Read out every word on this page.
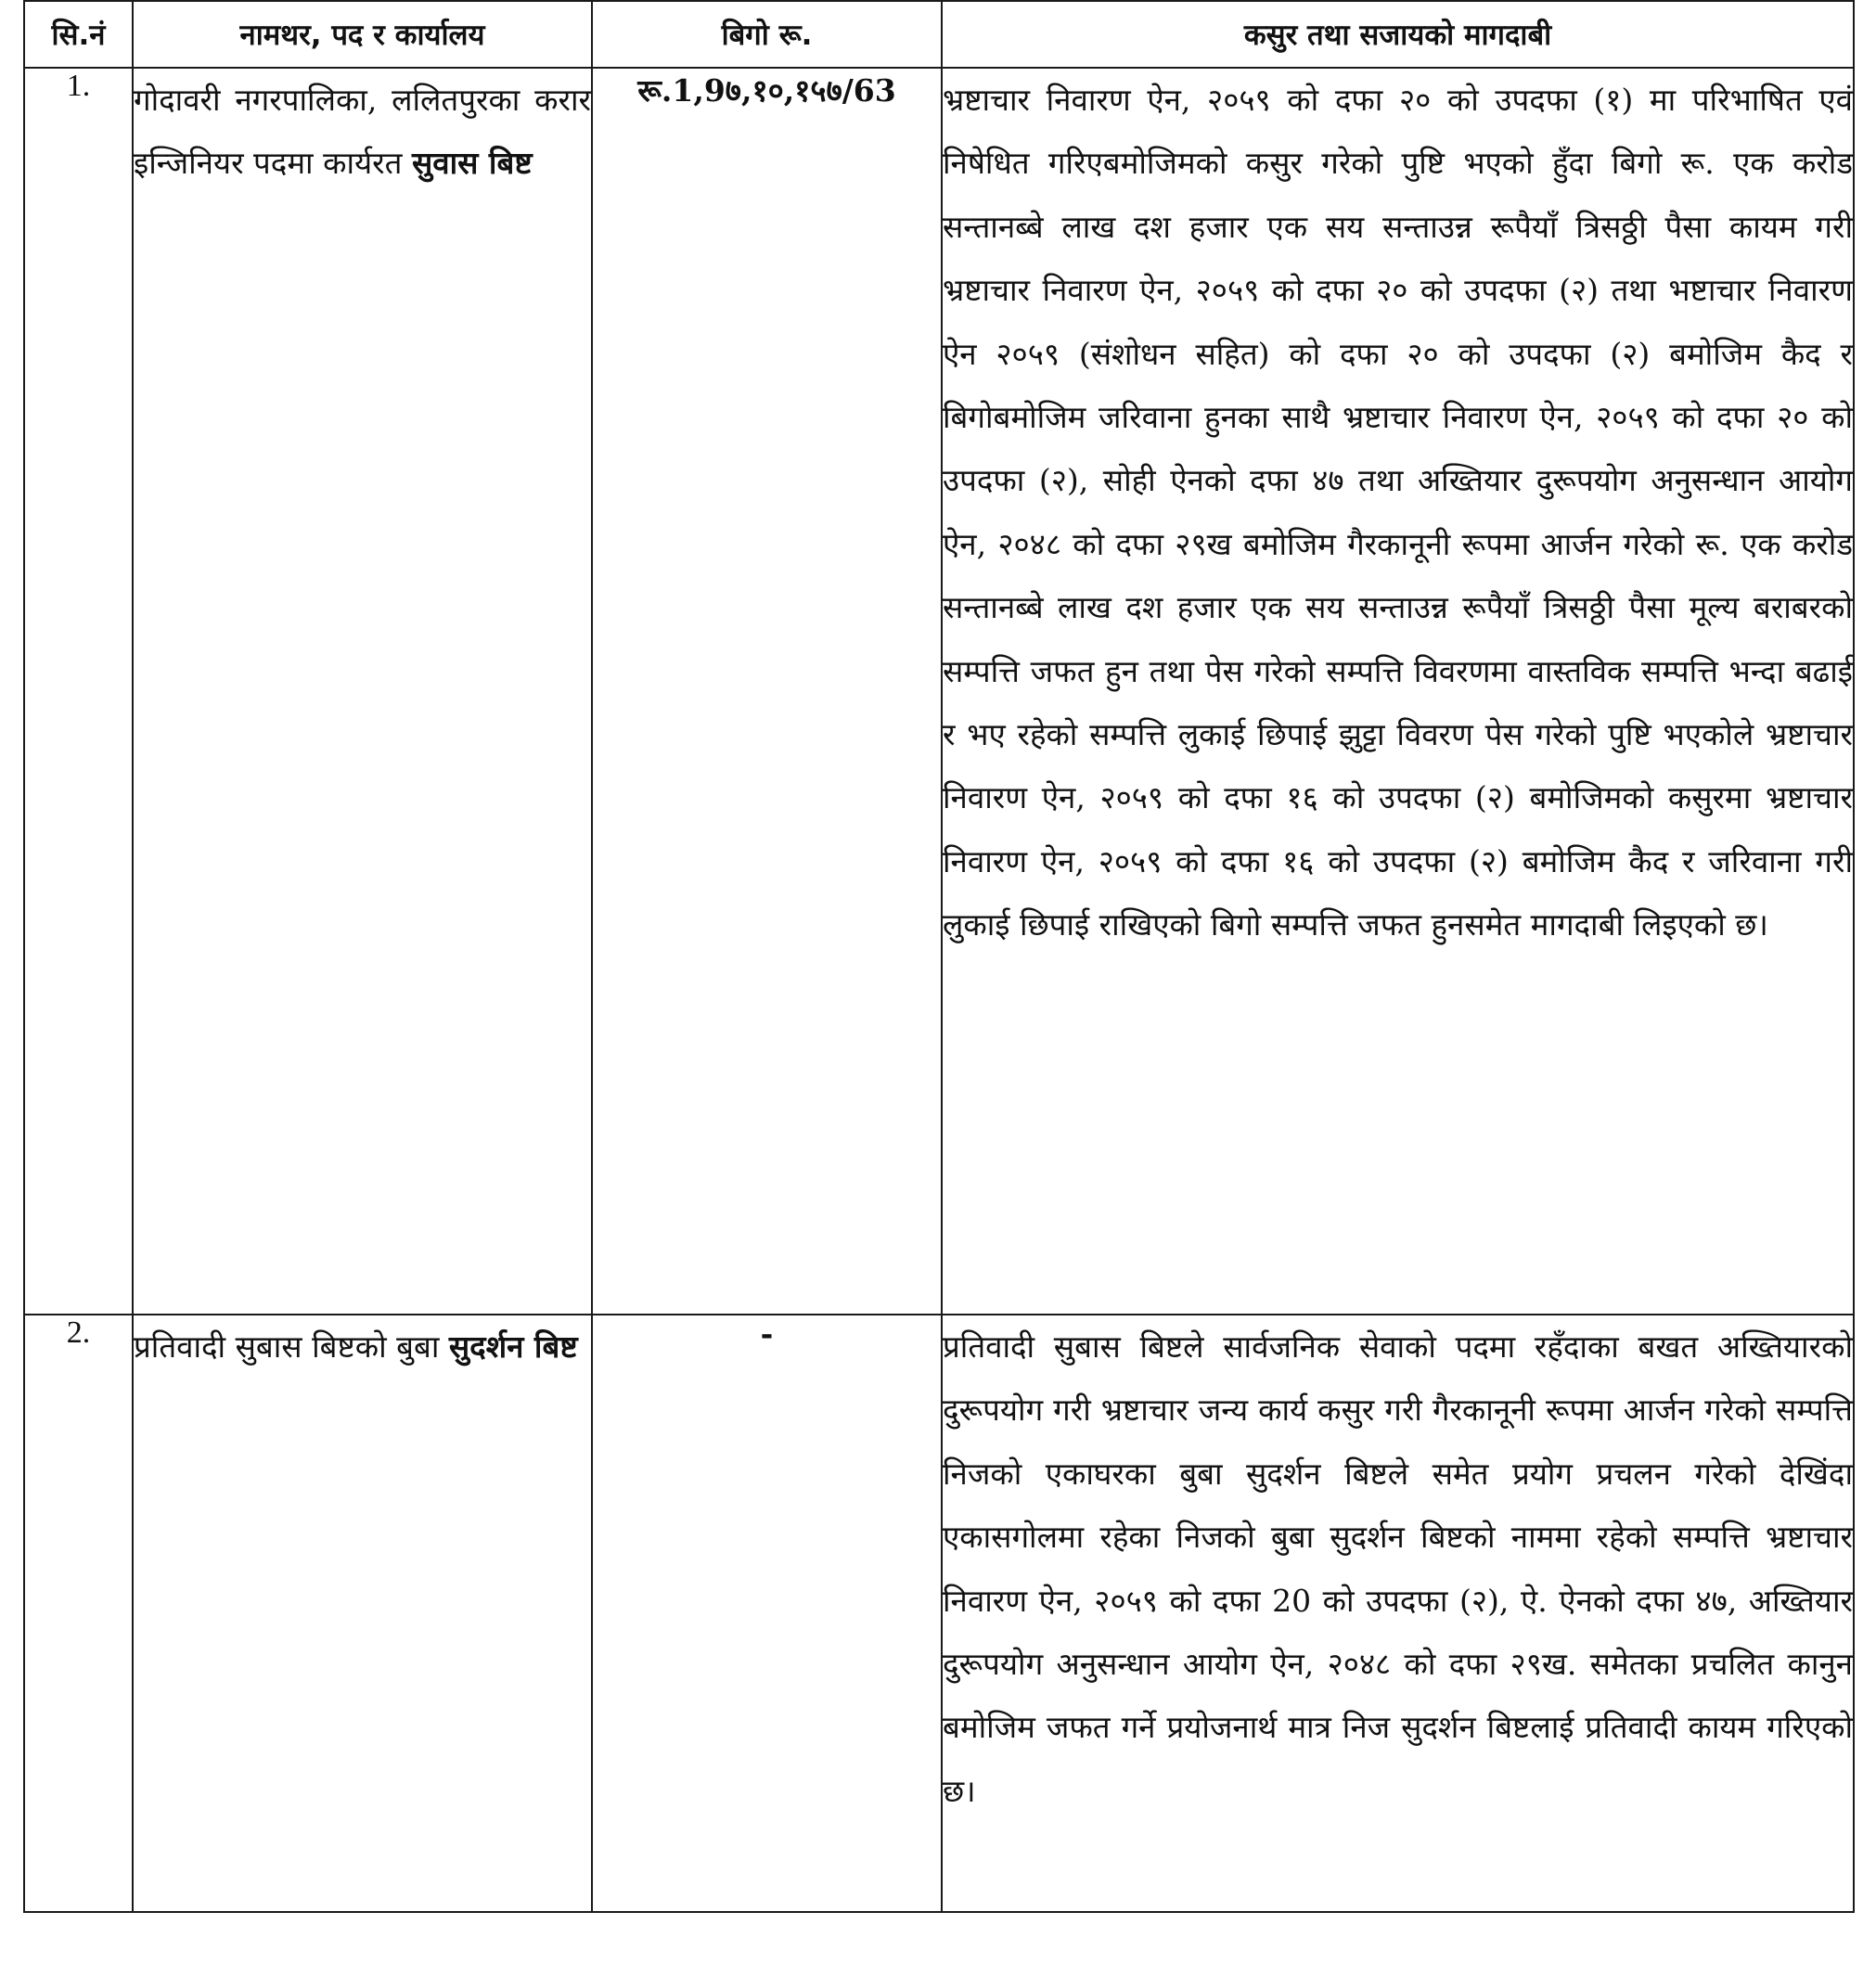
सि.नं	नामथर, पद र कार्यालय	बिगो रू.	कसुर तथा सजायको मागदाबी
1.	गोदावरी नगरपालिका, ललितपुरका करार इन्जिनियर पदमा कार्यरत सुवास बिष्ट	रू.1,9७,१०,१५७/63	भ्रष्टाचार निवारण ऐन, २०५९ को दफा २० को उपदफा (१) मा परिभाषित एवं निषेधित गरिएबमोजिमको कसुर गरेको पुष्टि भएको हुँदा बिगो रू. एक करोड सन्तानब्बे लाख दश हजार एक सय सन्ताउन्न रूपैयाँ त्रिसठ्ठी पैसा कायम गरी भ्रष्टाचार निवारण ऐन, २०५९ को दफा २० को उपदफा (२) तथा भष्टाचार निवारण ऐन २०५९ (संशोधन सहित) को दफा २० को उपदफा (२) बमोजिम कैद र बिगोबमोजिम जरिवाना हुनका साथै भ्रष्टाचार निवारण ऐन, २०५९ को दफा २० को उपदफा (२), सोही ऐनको दफा ४७ तथा अख्तियार दुरूपयोग अनुसन्धान आयोग ऐन, २०४८ को दफा २९ख बमोजिम गैरकानूनी रूपमा आर्जन गरेको रू. एक करोड सन्तानब्बे लाख दश हजार एक सय सन्ताउन्न रूपैयाँ त्रिसठ्ठी पैसा मूल्य बराबरको सम्पत्ति जफत हुन तथा पेस गरेको सम्पत्ति विवरणमा वास्तविक सम्पत्ति भन्दा बढाई र भए रहेको सम्पत्ति लुकाई छिपाई झुट्टा विवरण पेस गरेको पुष्टि भएकोले भ्रष्टाचार निवारण ऐन, २०५९ को दफा १६ को उपदफा (२) बमोजिमको कसुरमा भ्रष्टाचार निवारण ऐन, २०५९ को दफा १६ को उपदफा (२) बमोजिम कैद र जरिवाना गरी लुकाई छिपाई राखिएको बिगो सम्पत्ति जफत हुनसमेत मागदाबी लिइएको छ।
2.	प्रतिवादी सुबास बिष्टको बुबा सुदर्शन बिष्ट	-	प्रतिवादी सुबास बिष्टले सार्वजनिक सेवाको पदमा रहँदाका बखत अख्तियारको दुरूपयोग गरी भ्रष्टाचार जन्य कार्य कसुर गरी गैरकानूनी रूपमा आर्जन गरेको सम्पत्ति निजको एकाघरका बुबा सुदर्शन बिष्टले समेत प्रयोग प्रचलन गरेको देखिंदा एकासगोलमा रहेका निजको बुबा सुदर्शन बिष्टको नाममा रहेको सम्पत्ति भ्रष्टाचार निवारण ऐन, २०५९ को दफा 20 को उपदफा (२), ऐ. ऐनको दफा ४७, अख्तियार दुरूपयोग अनुसन्धान आयोग ऐन, २०४८ को दफा २९ख. समेतका प्रचलित कानुन बमोजिम जफत गर्ने प्रयोजनार्थ मात्र निज सुदर्शन बिष्टलाई प्रतिवादी कायम गरिएको छ।
